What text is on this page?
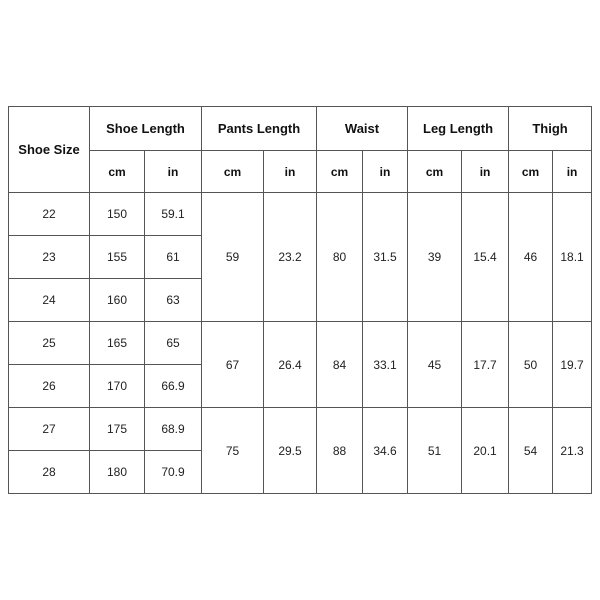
Shoe Size	Shoe Length		Pants Length		Waist		Leg Length		Thigh	
	cm	in	cm	in	cm	in	cm	in	cm	in
22	150	59.1	59	23.2	80	31.5	39	15.4	46	18.1
23	155	61								
24	160	63								
25	165	65	67	26.4	84	33.1	45	17.7	50	19.7
26	170	66.9								
27	175	68.9	75	29.5	88	34.6	51	20.1	54	21.3
28	180	70.9								
